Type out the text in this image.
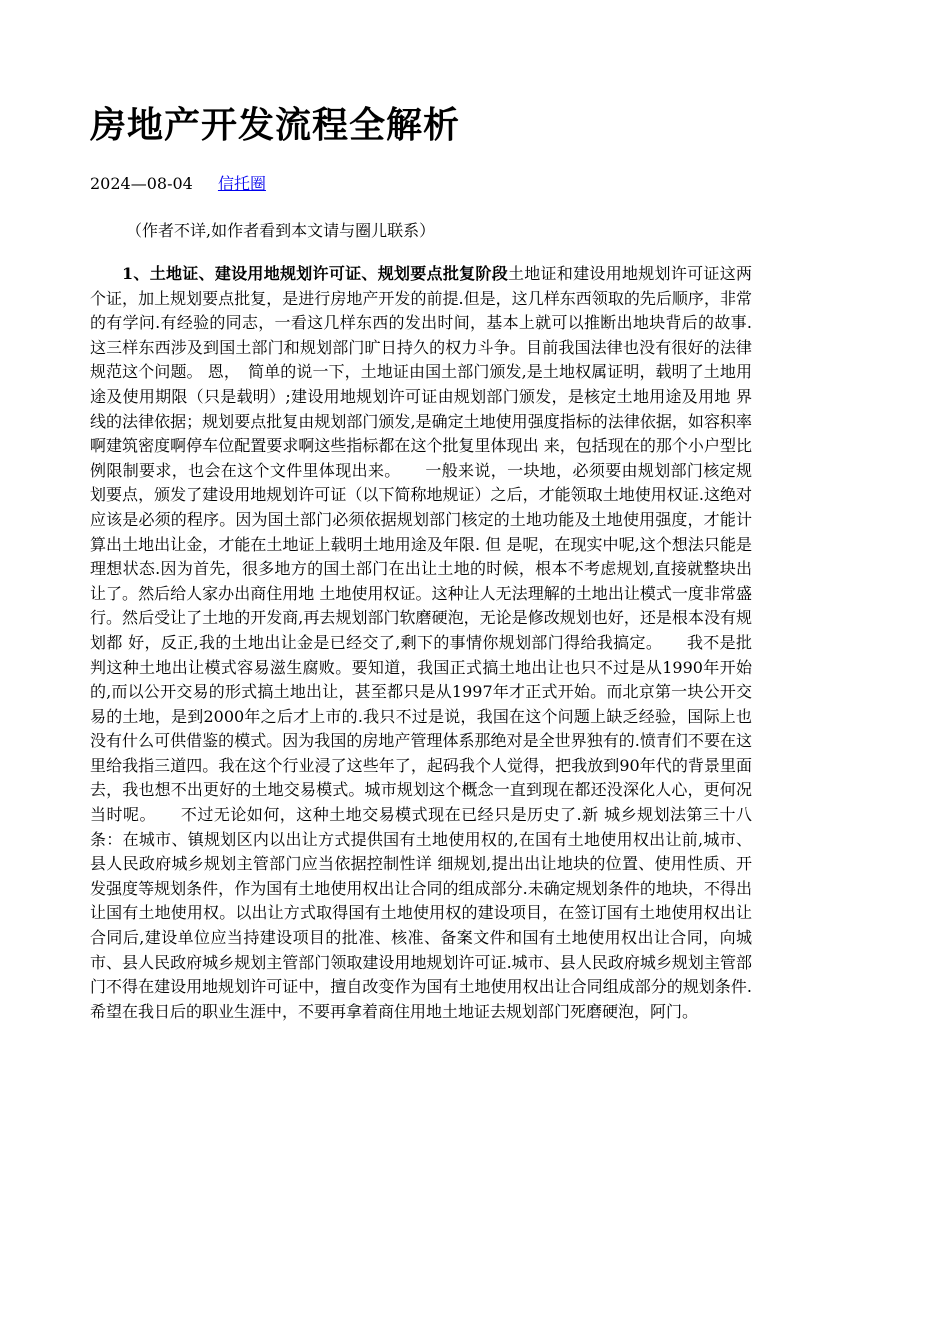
房地产开发流程全解析
2024—08-04 信托圈
（作者不详,如作者看到本文请与圈儿联系）

1、土地证、建设用地规划许可证、规划要点批复阶段土地证和建设用地规划许可证这两个证，加上规划要点批复，是进行房地产开发的前提.但是，这几样东西领取的先后顺序，非常的有学问.有经验的同志，一看这几样东西的发出时间，基本上就可以推断出地块背后的故事.这三样东西涉及到国土部门和规划部门旷日持久的权力斗争。目前我国法律也没有很好的法律规范这个问题。 恩，　简单的说一下，土地证由国土部门颁发,是土地权属证明，载明了土地用途及使用期限（只是载明）;建设用地规划许可证由规划部门颁发，是核定土地用途及用地 界线的法律依据；规划要点批复由规划部门颁发,是确定土地使用强度指标的法律依据，如容积率啊建筑密度啊停车位配置要求啊这些指标都在这个批复里体现出 来，包括现在的那个小户型比例限制要求，也会在这个文件里体现出来。　　一般来说，一块地，必须要由规划部门核定规划要点，颁发了建设用地规划许可证（以下简称地规证）之后，才能领取土地使用权证.这绝对应该是必须的程序。因为国土部门必须依据规划部门核定的土地功能及土地使用强度，才能计算出土地出让金，才能在土地证上载明土地用途及年限. 但 是呢，在现实中呢,这个想法只能是理想状态.因为首先，很多地方的国土部门在出让土地的时候，根本不考虑规划,直接就整块出让了。然后给人家办出商住用地 土地使用权证。这种让人无法理解的土地出让模式一度非常盛行。然后受让了土地的开发商,再去规划部门软磨硬泡，无论是修改规划也好，还是根本没有规划都 好，反正,我的土地出让金是已经交了,剩下的事情你规划部门得给我搞定。　　我不是批判这种土地出让模式容易滋生腐败。要知道，我国正式搞土地出让也只不过是从1990年开始的,而以公开交易的形式搞土地出让，甚至都只是从1997年才正式开始。而北京第一块公开交易的土地，是到2000年之后才上市的.我只不过是说，我国在这个问题上缺乏经验，国际上也没有什么可供借鉴的模式。因为我国的房地产管理体系那绝对是全世界独有的.愤青们不要在这里给我指三道四。我在这个行业浸了这些年了，起码我个人觉得，把我放到90年代的背景里面去，我也想不出更好的土地交易模式。城市规划这个概念一直到现在都还没深化人心，更何况当时呢。　　不过无论如何，这种土地交易模式现在已经只是历史了.新 城乡规划法第三十八条：在城市、镇规划区内以出让方式提供国有土地使用权的,在国有土地使用权出让前,城市、县人民政府城乡规划主管部门应当依据控制性详 细规划,提出出让地块的位置、使用性质、开发强度等规划条件，作为国有土地使用权出让合同的组成部分.未确定规划条件的地块，不得出让国有土地使用权。以出让方式取得国有土地使用权的建设项目，在签订国有土地使用权出让合同后,建设单位应当持建设项目的批准、核准、备案文件和国有土地使用权出让合同，向城市、县人民政府城乡规划主管部门领取建设用地规划许可证.城市、县人民政府城乡规划主管部门不得在建设用地规划许可证中，擅自改变作为国有土地使用权出让合同组成部分的规划条件. 希望在我日后的职业生涯中，不要再拿着商住用地土地证去规划部门死磨硬泡，阿门。
